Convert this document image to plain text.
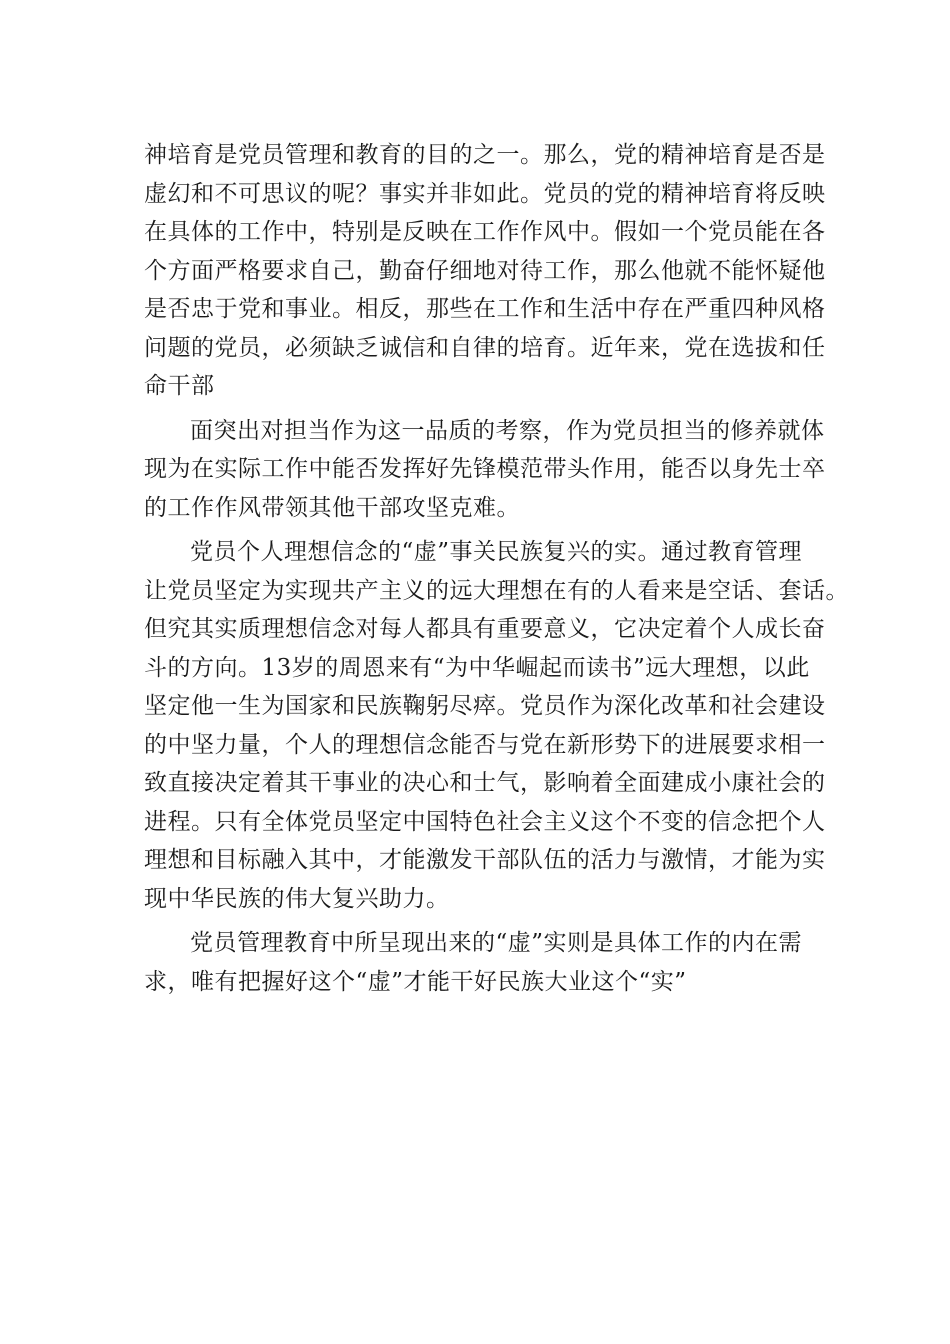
神培育是党员管理和教育的目的之一。那么，党的精神培育是否是
虚幻和不可思议的呢？事实并非如此。党员的党的精神培育将反映
在具体的工作中，特别是反映在工作作风中。假如一个党员能在各
个方面严格要求自己，勤奋仔细地对待工作，那么他就不能怀疑他
是否忠于党和事业。相反，那些在工作和生活中存在严重四种风格
问题的党员，必须缺乏诚信和自律的培育。近年来，党在选拔和任
命干部
面突出对担当作为这一品质的考察，作为党员担当的修养就体
现为在实际工作中能否发挥好先锋模范带头作用，能否以身先士卒
的工作作风带领其他干部攻坚克难。
党员个人理想信念的“虚”事关民族复兴的实。通过教育管理
让党员坚定为实现共产主义的远大理想在有的人看来是空话、套话。
但究其实质理想信念对每人都具有重要意义，它决定着个人成长奋
斗的方向。13岁的周恩来有“为中华崛起而读书”远大理想，以此
坚定他一生为国家和民族鞠躬尽瘁。党员作为深化改革和社会建设
的中坚力量，个人的理想信念能否与党在新形势下的进展要求相一
致直接决定着其干事业的决心和士气，影响着全面建成小康社会的
进程。只有全体党员坚定中国特色社会主义这个不变的信念把个人
理想和目标融入其中，才能激发干部队伍的活力与激情，才能为实
现中华民族的伟大复兴助力。
党员管理教育中所呈现出来的“虚”实则是具体工作的内在需
求，唯有把握好这个“虚”才能干好民族大业这个“实”
